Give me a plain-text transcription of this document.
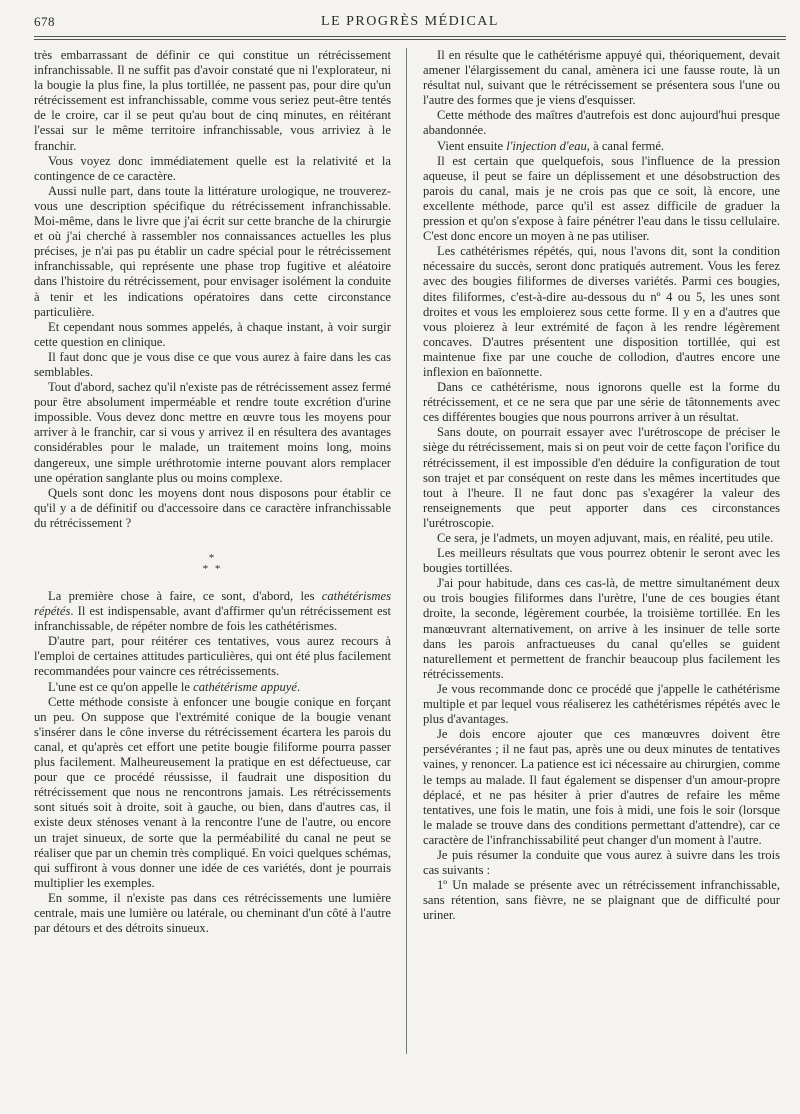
678	LE PROGRÈS MÉDICAL

très embarrassant de définir ce qui constitue un rétrécissement infranchissable. Il ne suffit pas d'avoir constaté que ni l'explorateur, ni la bougie la plus fine, la plus tortillée, ne passent pas, pour dire qu'un rétrécissement est infranchissable, comme vous seriez peut-être tentés de le croire, car il se peut qu'au bout de cinq minutes, en réitérant l'essai sur le même territoire infranchissable, vous arriviez à le franchir.

Vous voyez donc immédiatement quelle est la relativité et la contingence de ce caractère.

Aussi nulle part, dans toute la littérature urologique, ne trouverez-vous une description spécifique du rétrécissement infranchissable. Moi-même, dans le livre que j'ai écrit sur cette branche de la chirurgie et où j'ai cherché à rassembler nos connaissances actuelles les plus précises, je n'ai pas pu établir un cadre spécial pour le rétrécissement infranchissable, qui représente une phase trop fugitive et aléatoire dans l'histoire du rétrécissement, pour envisager isolément la conduite à tenir et les indications opératoires dans cette circonstance particulière.

Et cependant nous sommes appelés, à chaque instant, à voir surgir cette question en clinique.

Il faut donc que je vous dise ce que vous aurez à faire dans les cas semblables.

Tout d'abord, sachez qu'il n'existe pas de rétrécissement assez fermé pour être absolument imperméable et rendre toute excrétion d'urine impossible. Vous devez donc mettre en œuvre tous les moyens pour arriver à le franchir, car si vous y arrivez il en résultera des avantages considérables pour le malade, un traitement moins long, moins dangereux, une simple uréthrotomie interne pouvant alors remplacer une opération sanglante plus ou moins complexe.

Quels sont donc les moyens dont nous disposons pour établir ce qu'il y a de définitif ou d'accessoire dans ce caractère infranchissable du rétrécissement ?

*
* *

La première chose à faire, ce sont, d'abord, les cathétérismes répétés. Il est indispensable, avant d'affirmer qu'un rétrécissement est infranchissable, de répéter nombre de fois les cathétérismes.

D'autre part, pour réitérer ces tentatives, vous aurez recours à l'emploi de certaines attitudes particulières, qui ont été plus facilement recommandées pour vaincre ces rétrécissements.

L'une est ce qu'on appelle le cathétérisme appuyé.

Cette méthode consiste à enfoncer une bougie conique en forçant un peu. On suppose que l'extrémité conique de la bougie venant s'insérer dans le cône inverse du rétrécissement écartera les parois du canal, et qu'après cet effort une petite bougie filiforme pourra passer plus facilement. Malheureusement la pratique en est défectueuse, car pour que ce procédé réussisse, il faudrait une disposition du rétrécissement que nous ne rencontrons jamais. Les rétrécissements sont situés soit à droite, soit à gauche, ou bien, dans d'autres cas, il existe deux sténoses venant à la rencontre l'une de l'autre, ou encore un trajet sinueux, de sorte que la perméabilité du canal ne peut se réaliser que par un chemin très compliqué. En voici quelques schémas, qui suffiront à vous donner une idée de ces variétés, dont je pourrais multiplier les exemples.

En somme, il n'existe pas dans ces rétrécissements une lumière centrale, mais une lumière ou latérale, ou cheminant d'un côté à l'autre par détours et des détroits sinueux.

Il en résulte que le cathétérisme appuyé qui, théoriquement, devait amener l'élargissement du canal, amènera ici une fausse route, là un résultat nul, suivant que le rétrécissement se présentera sous l'une ou l'autre des formes que je viens d'esquisser.

Cette méthode des maîtres d'autrefois est donc aujourd'hui presque abandonnée.

Vient ensuite l'injection d'eau, à canal fermé.

Il est certain que quelquefois, sous l'influence de la pression aqueuse, il peut se faire un déplissement et une désobstruction des parois du canal, mais je ne crois pas que ce soit, là encore, une excellente méthode, parce qu'il est assez difficile de graduer la pression et qu'on s'expose à faire pénétrer l'eau dans le tissu cellulaire. C'est donc encore un moyen à ne pas utiliser.

Les cathétérismes répétés, qui, nous l'avons dit, sont la condition nécessaire du succès, seront donc pratiqués autrement. Vous les ferez avec des bougies filiformes de diverses variétés. Parmi ces bougies, dites filiformes, c'est-à-dire au-dessous du nº 4 ou 5, les unes sont droites et vous les emploierez sous cette forme. Il y en a d'autres que vous ploierez à leur extrémité de façon à les rendre légèrement concaves. D'autres présentent une disposition tortillée, qui est maintenue fixe par une couche de collodion, d'autres encore une inflexion en baïonnette.

Dans ce cathétérisme, nous ignorons quelle est la forme du rétrécissement, et ce ne sera que par une série de tâtonnements avec ces différentes bougies que nous pourrons arriver à un résultat.

Sans doute, on pourrait essayer avec l'urétroscope de préciser le siège du rétrécissement, mais si on peut voir de cette façon l'orifice du rétrécissement, il est impossible d'en déduire la configuration de tout son trajet et par conséquent on reste dans les mêmes incertitudes que tout à l'heure. Il ne faut donc pas s'exagérer la valeur des renseignements que peut apporter dans ces circonstances l'urétroscopie.

Ce sera, je l'admets, un moyen adjuvant, mais, en réalité, peu utile.

Les meilleurs résultats que vous pourrez obtenir le seront avec les bougies tortillées.

J'ai pour habitude, dans ces cas-là, de mettre simultanément deux ou trois bougies filiformes dans l'urètre, l'une de ces bougies étant droite, la seconde, légèrement courbée, la troisième tortillée. En les manœuvrant alternativement, on arrive à les insinuer de telle sorte dans les parois anfractueuses du canal qu'elles se guident naturellement et permettent de franchir beaucoup plus facilement les rétrécissements.

Je vous recommande donc ce procédé que j'appelle le cathétérisme multiple et par lequel vous réaliserez les cathétérismes répétés avec le plus d'avantages.

Je dois encore ajouter que ces manœuvres doivent être persévérantes ; il ne faut pas, après une ou deux minutes de tentatives vaines, y renoncer. La patience est ici nécessaire au chirurgien, comme le temps au malade. Il faut également se dispenser d'un amour-propre déplacé, et ne pas hésiter à prier d'autres de refaire les même tentatives, une fois le matin, une fois à midi, une fois le soir (lorsque le malade se trouve dans des conditions permettant d'attendre), car ce caractère de l'infranchissabilité peut changer d'un moment à l'autre.

Je puis résumer la conduite que vous aurez à suivre dans les trois cas suivants :

1º Un malade se présente avec un rétrécissement infranchissable, sans rétention, sans fièvre, ne se plaignant que de difficulté pour uriner.
